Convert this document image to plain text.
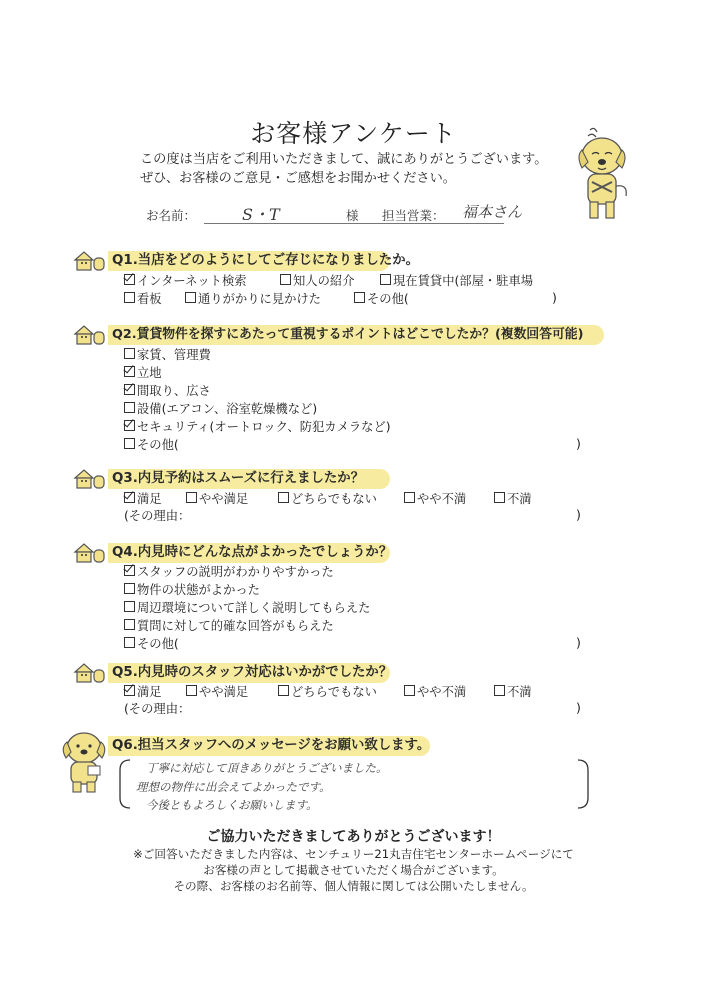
お客様アンケート
この度は当店をご利用いただきまして、誠にありがとうございます。
ぜひ、お客様のご意見・ご感想をお聞かせください。
お名前：	S・T	様 担当営業： 福本さん
Q1.当店をどのようにしてご存じになりましたか。
インターネット検索	知人の紹介	現在賃貸中(部屋・駐車場
看板	通りがかりに見かけた	その他(	)
Q2.賃貸物件を探すにあたって重視するポイントはどこでしたか？(複数回答可能)
家賃、管理費
立地
間取り、広さ
設備(エアコン、浴室乾燥機など)
セキュリティ(オートロック、防犯カメラなど)
その他(	)
Q3.内見予約はスムーズに行えましたか？
満足	やや満足	どちらでもない	やや不満	不満
(その理由：	)
Q4.内見時にどんな点がよかったでしょうか？
スタッフの説明がわかりやすかった
物件の状態がよかった
周辺環境について詳しく説明してもらえた
質問に対して的確な回答がもらえた
その他(	)
Q5.内見時のスタッフ対応はいかがでしたか？
満足	やや満足	どちらでもない	やや不満	不満
(その理由：	)
Q6.担当スタッフへのメッセージをお願い致します。
丁寧に対応して頂きありがとうございました。
理想の物件に出会えてよかったです。
今後ともよろしくお願いします。
ご協力いただきましてありがとうございます！
※ご回答いただきました内容は、センチュリー21丸吉住宅センターホームページにて
お客様の声として掲載させていただく場合がございます。
その際、お客様のお名前等、個人情報に関しては公開いたしません。
